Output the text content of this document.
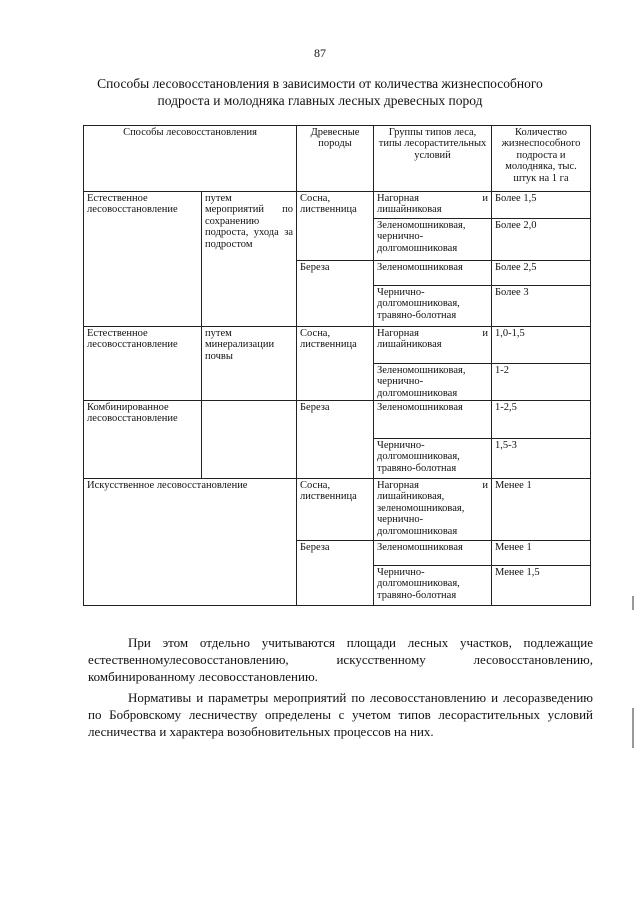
87
Способы лесовосстановления в зависимости от количества жизнеспособного
подроста и молодняка главных лесных древесных пород
Способы лесовосстановления		Древесные породы	Группы типов леса, типы лесорастительных условий	Количество жизнеспособного подроста и молодняка, тыс. штук на 1 га
Естественное лесовосстановление	путем мероприятий по сохранению подроста, ухода за подростом	Сосна, лиственница	Нагорная и лишайниковая	Более 1,5
			Зеленомошниковая, чернично-долгомошниковая	Более 2,0
		Береза	Зеленомошниковая	Более 2,5
			Чернично-долгомошниковая, травяно-болотная	Более 3
Естественное лесовосстановление	путем минерализации почвы	Сосна, лиственница	Нагорная и лишайниковая	1,0-1,5
			Зеленомошниковая, чернично-долгомошниковая	1-2
Комбинированное лесовосстановление		Береза	Зеленомошниковая	1-2,5
			Чернично-долгомошниковая, травяно-болотная	1,5-3
Искусственное лесовосстановление		Сосна, лиственница	Нагорная и лишайниковая, зеленомошниковая, чернично-долгомошниковая	Менее 1
		Береза	Зеленомошниковая	Менее 1
			Чернично-долгомошниковая, травяно-болотная	Менее 1,5
При этом отдельно учитываются площади лесных участков, подлежащие естественномулесовосстановлению, искусственному лесовосстановлению, комбинированному лесовосстановлению.
Нормативы и параметры мероприятий по лесовосстановлению и лесоразведению по Бобровскому лесничеству определены с учетом типов лесорастительных условий лесничества и характера возобновительных процессов на них.
